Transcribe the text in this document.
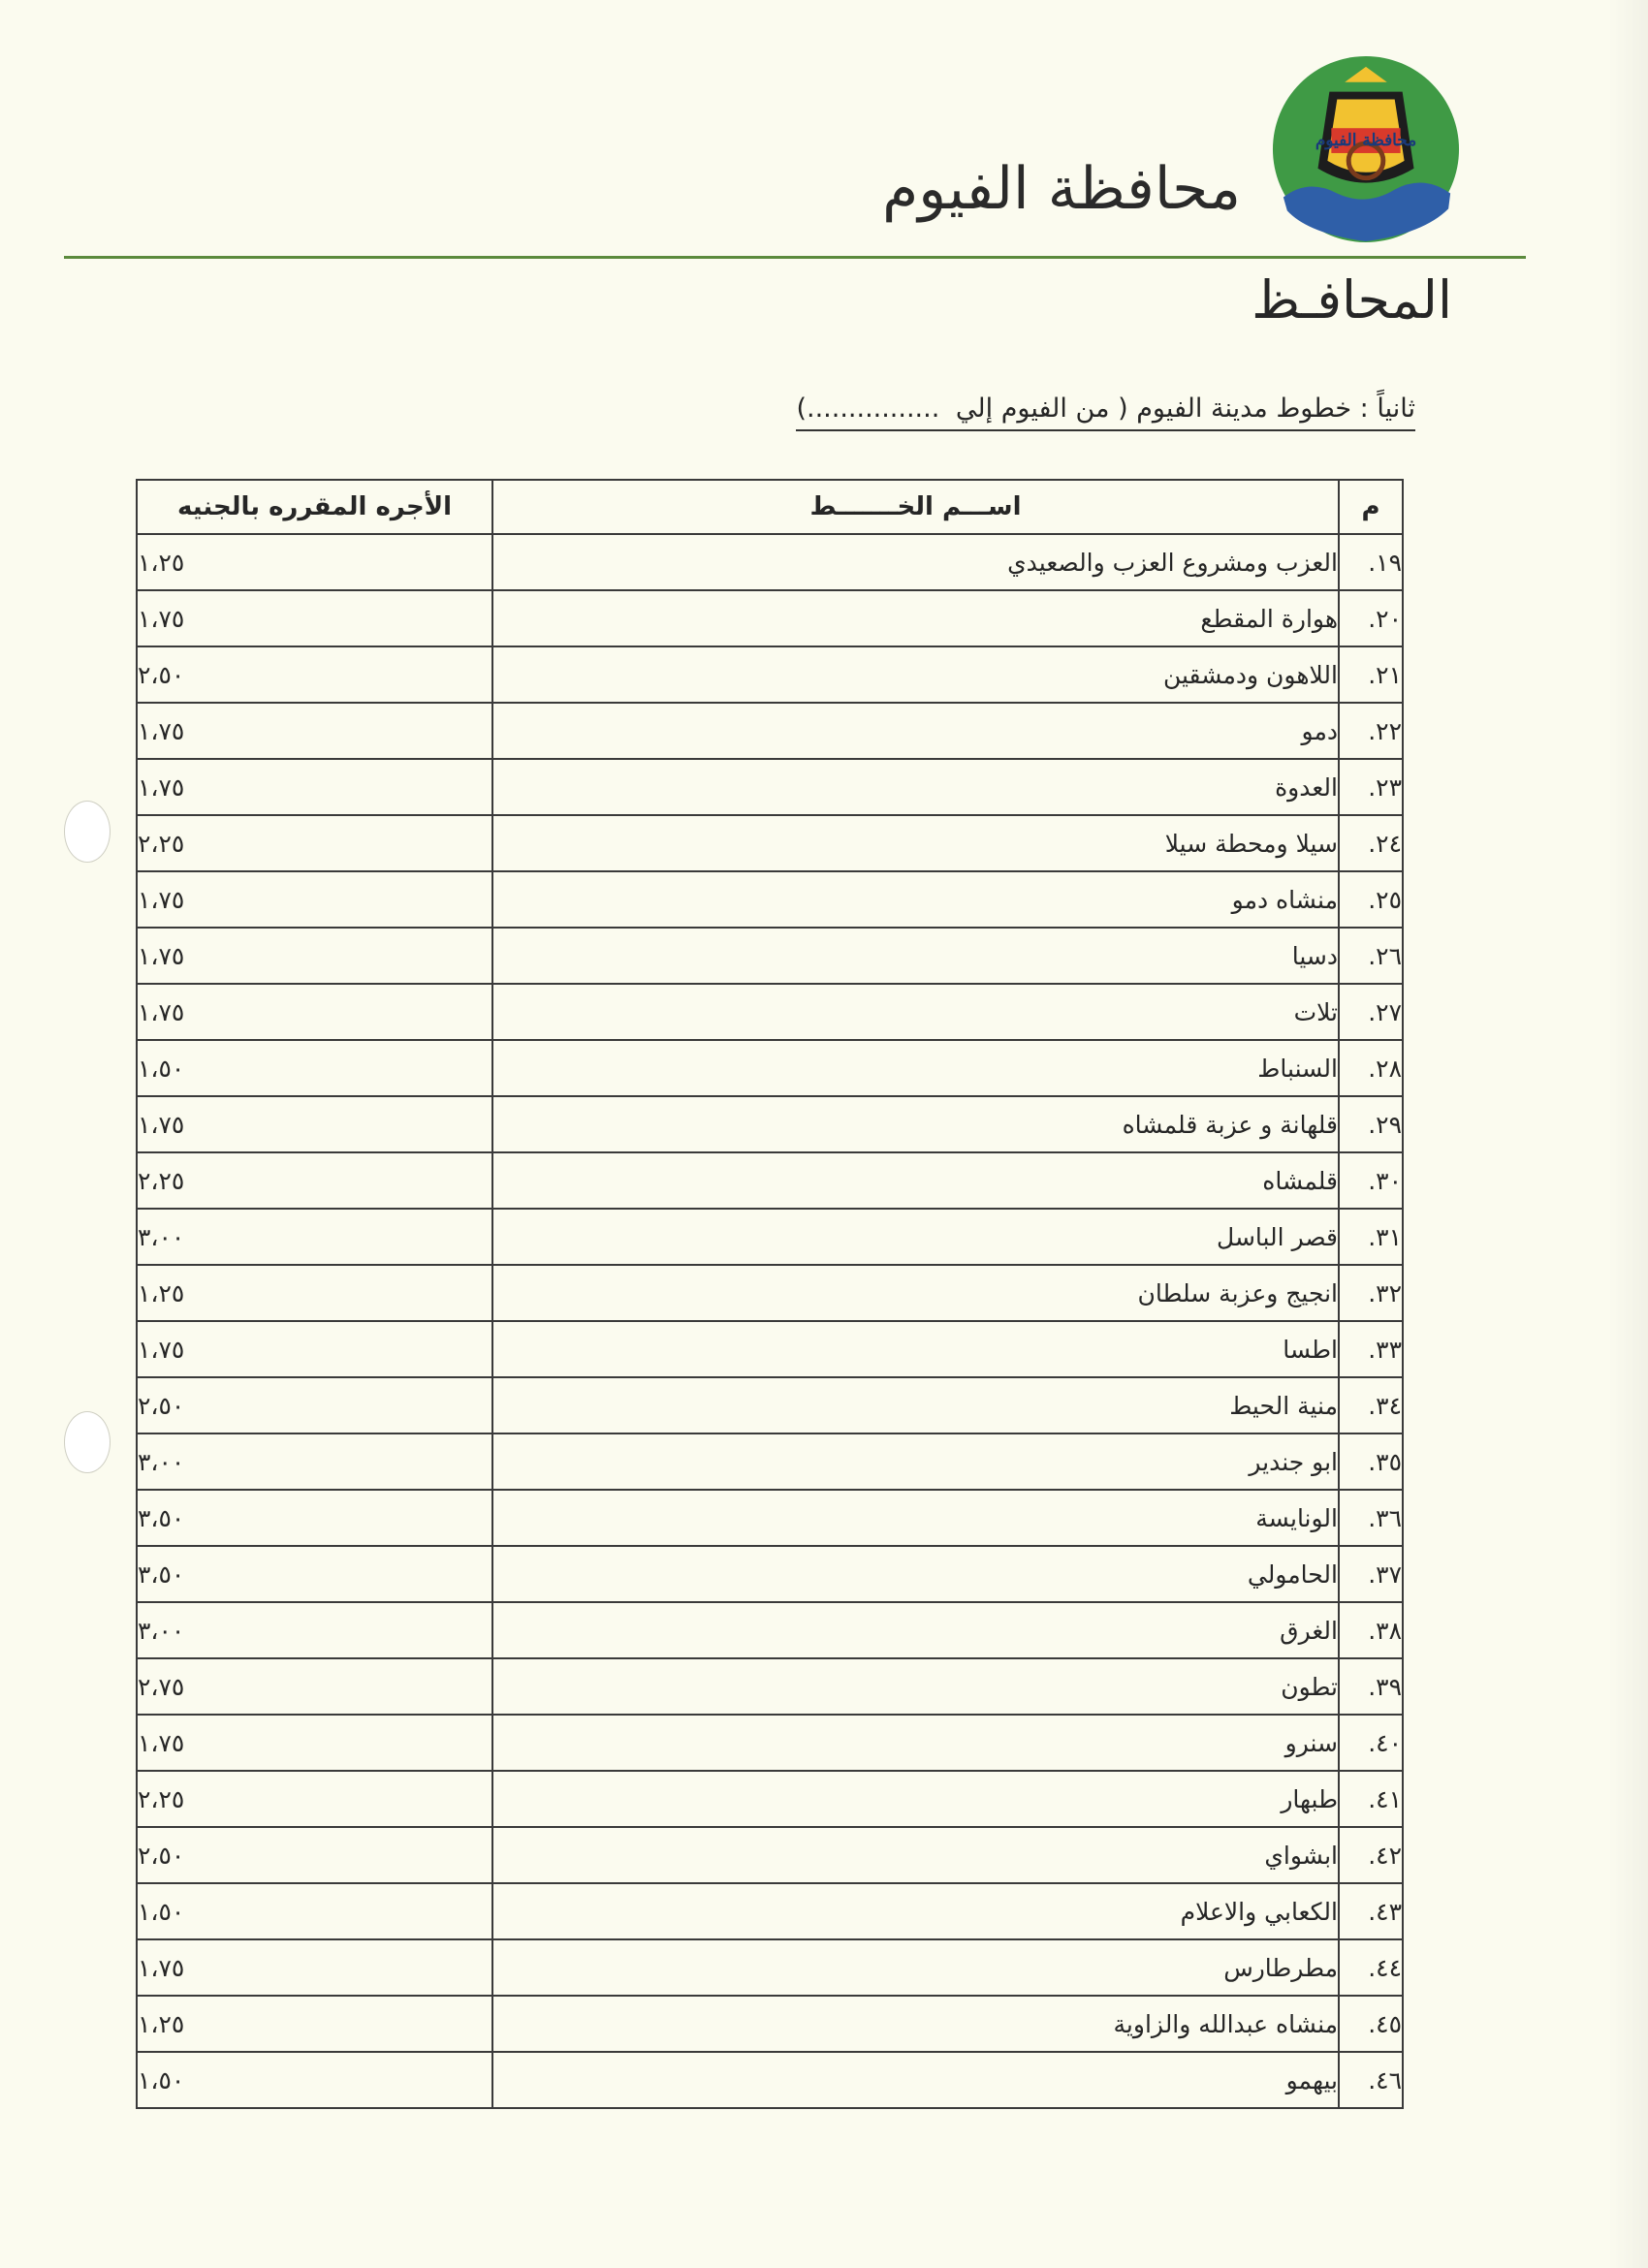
محافظة الفيوم
محافظة الفيوم
المحافـظ
ثانياً : خطوط مدينة الفيوم ( من الفيوم إلي ................)
م	اســـم الخـــــــط	الأجره المقرره بالجنيه
١٩.	العزب ومشروع العزب والصعيدي	١،٢٥
٢٠.	هوارة المقطع	١،٧٥
٢١.	اللاهون ودمشقين	٢،٥٠
٢٢.	دمو	١،٧٥
٢٣.	العدوة	١،٧٥
٢٤.	سيلا ومحطة سيلا	٢،٢٥
٢٥.	منشاه دمو	١،٧٥
٢٦.	دسيا	١،٧٥
٢٧.	تلات	١،٧٥
٢٨.	السنباط	١،٥٠
٢٩.	قلهانة و عزبة قلمشاه	١،٧٥
٣٠.	قلمشاه	٢،٢٥
٣١.	قصر الباسل	٣،٠٠
٣٢.	انجيج وعزبة سلطان	١،٢٥
٣٣.	اطسا	١،٧٥
٣٤.	منية الحيط	٢،٥٠
٣٥.	ابو جندير	٣،٠٠
٣٦.	الونايسة	٣،٥٠
٣٧.	الحامولي	٣،٥٠
٣٨.	الغرق	٣،٠٠
٣٩.	تطون	٢،٧٥
٤٠.	سنرو	١،٧٥
٤١.	طبهار	٢،٢٥
٤٢.	ابشواي	٢،٥٠
٤٣.	الكعابي والاعلام	١،٥٠
٤٤.	مطرطارس	١،٧٥
٤٥.	منشاه عبدالله والزاوية	١،٢٥
٤٦.	بيهمو	١،٥٠
